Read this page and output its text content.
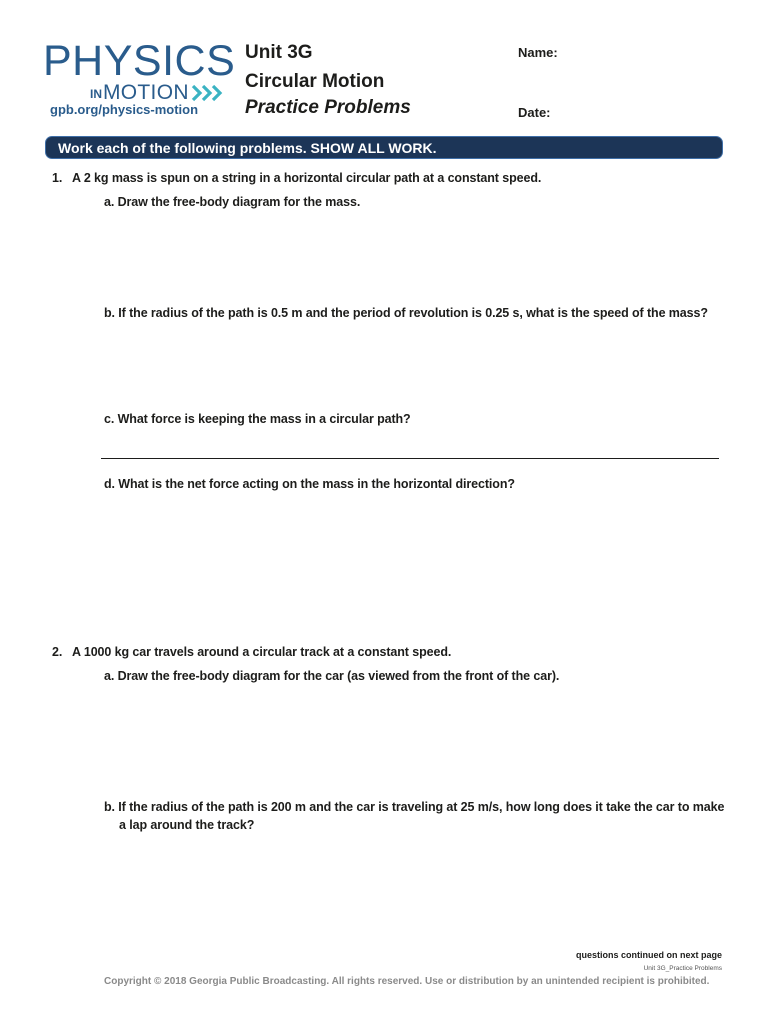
PHYSICS
IN MOTION
gpb.org/physics-motion
Unit 3G
Circular Motion
Practice Problems
Name:
Date:
Work each of the following problems. SHOW ALL WORK.
1. A 2 kg mass is spun on a string in a horizontal circular path at a constant speed.
a. Draw the free-body diagram for the mass.
b. If the radius of the path is 0.5 m and the period of revolution is 0.25 s, what is the speed of the mass?
c. What force is keeping the mass in a circular path?
d. What is the net force acting on the mass in the horizontal direction?
2. A 1000 kg car travels around a circular track at a constant speed.
a. Draw the free-body diagram for the car (as viewed from the front of the car).
b. If the radius of the path is 200 m and the car is traveling at 25 m/s, how long does it take the car to make
a lap around the track?
questions continued on next page
Unit 3G_Practice Problems
Copyright © 2018 Georgia Public Broadcasting. All rights reserved. Use or distribution by an unintended recipient is prohibited.
